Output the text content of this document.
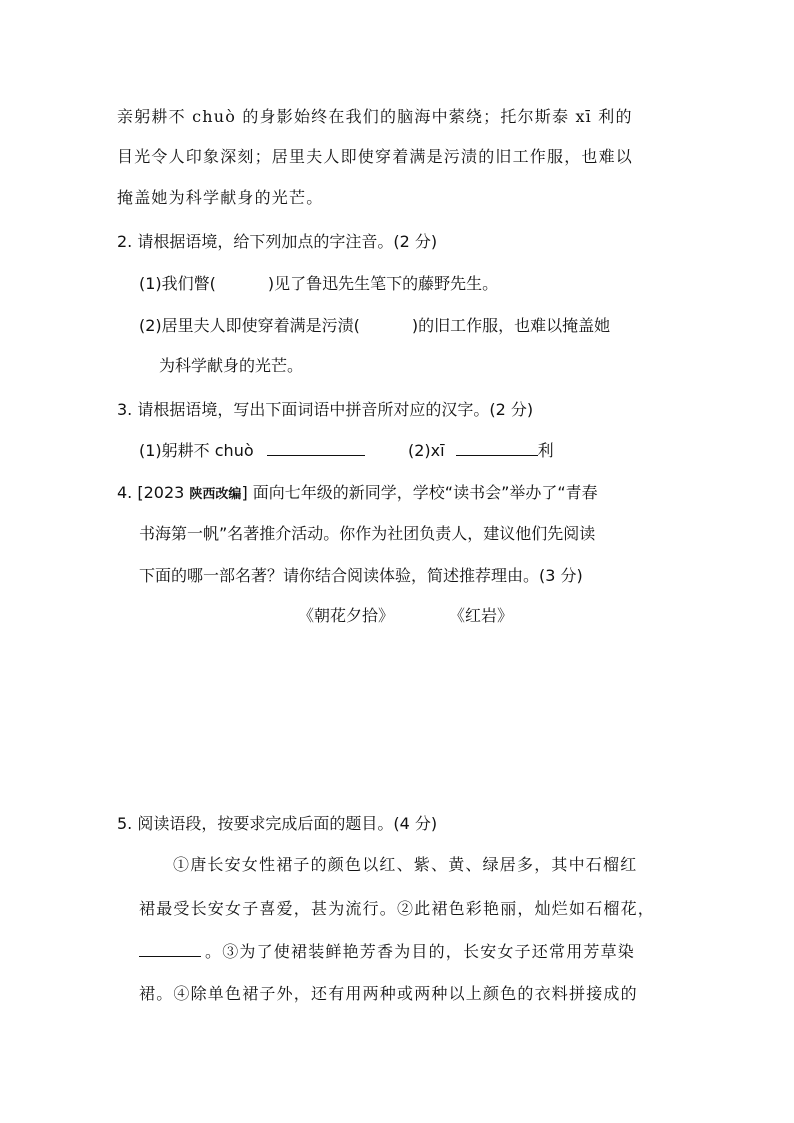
亲躬耕不 chuò 的身影始终在我们的脑海中萦绕；托尔斯泰 xī 利的
目光令人印象深刻；居里夫人即使穿着满是污渍的旧工作服，也难以
掩盖她为科学献身的光芒。
2. 请根据语境，给下列加点的字注音。(2 分)
(1)我们瞥(	)见了鲁迅先生笔下的藤野先生。
(2)居里夫人即使穿着满是污渍(	)的旧工作服，也难以掩盖她
为科学献身的光芒。
3. 请根据语境，写出下面词语中拼音所对应的汉字。(2 分)
(1)躬耕不 chuò	(2)xī	利
4. [2023 陕西改编] 面向七年级的新同学，学校“读书会”举办了“青春
书海第一帆”名著推介活动。你作为社团负责人，建议他们先阅读
下面的哪一部名著？请你结合阅读体验，简述推荐理由。(3 分)
《朝花夕拾》	《红岩》
5. 阅读语段，按要求完成后面的题目。(4 分)
①唐长安女性裙子的颜色以红、紫、黄、绿居多，其中石榴红
裙最受长安女子喜爱，甚为流行。②此裙色彩艳丽，灿烂如石榴花，
。③为了使裙装鲜艳芳香为目的，长安女子还常用芳草染
裙。④除单色裙子外，还有用两种或两种以上颜色的衣料拼接成的
